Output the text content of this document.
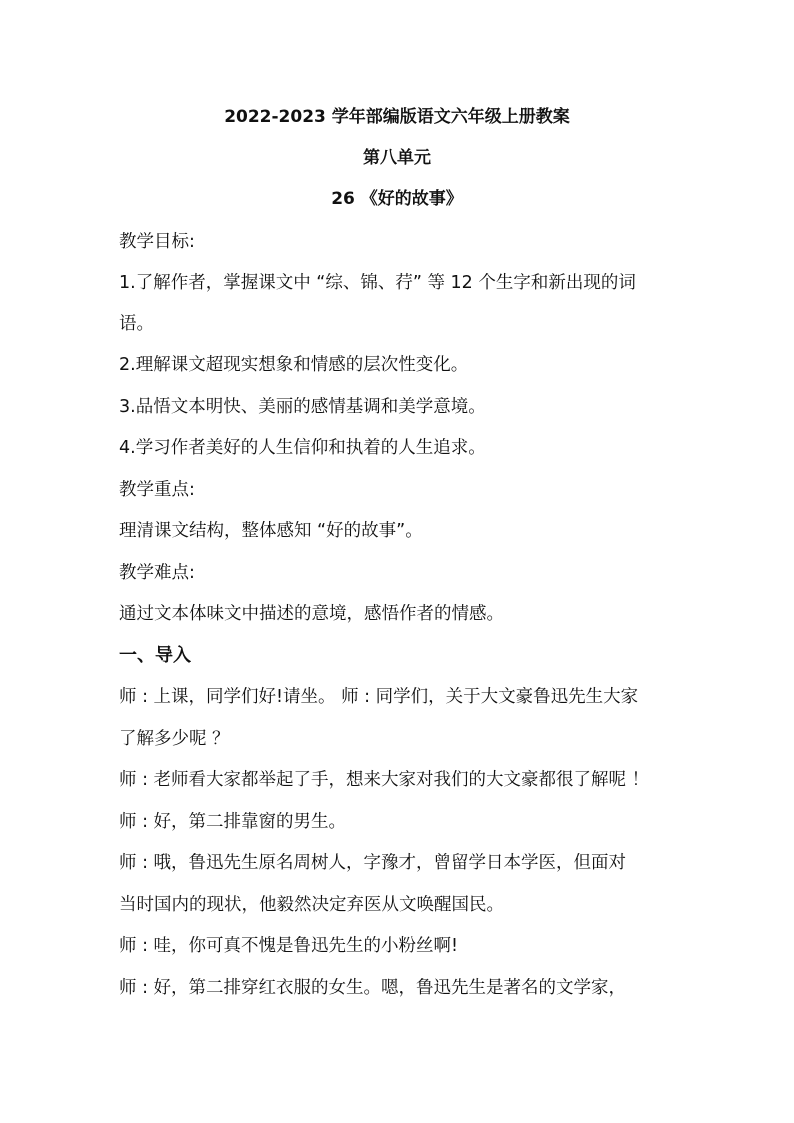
2022-2023 学年部编版语文六年级上册教案
第八单元
26 《好的故事》
教学目标:
1.了解作者，掌握课文中 “综、锦、荇” 等 12 个生字和新出现的词
语。
2.理解课文超现实想象和情感的层次性变化。
3.品悟文本明快、美丽的感情基调和美学意境。
4.学习作者美好的人生信仰和执着的人生追求。
教学重点:
理清课文结构，整体感知 “好的故事”。
教学难点:
通过文本体味文中描述的意境，感悟作者的情感。
一、导入
师 : 上课，同学们好!请坐。 师 : 同学们，关于大文豪鲁迅先生大家
了解多少呢 ？
师 : 老师看大家都举起了手，想来大家对我们的大文豪都很了解呢 ！
师 : 好，第二排靠窗的男生。
师 : 哦，鲁迅先生原名周树人，字豫才，曾留学日本学医，但面对
当时国内的现状，他毅然决定弃医从文唤醒国民。
师 : 哇，你可真不愧是鲁迅先生的小粉丝啊!
师 : 好，第二排穿红衣服的女生。嗯，鲁迅先生是著名的文学家，
